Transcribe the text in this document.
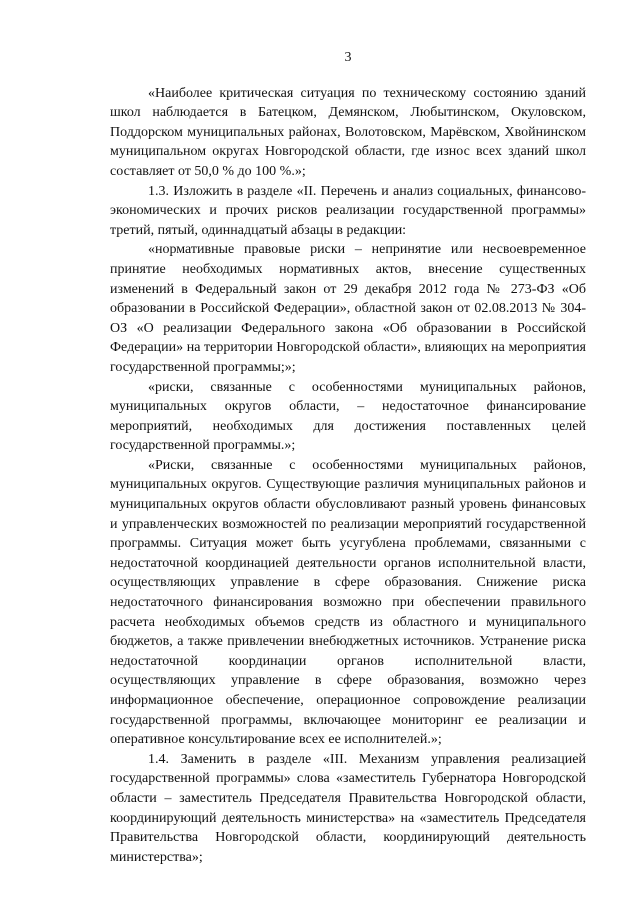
3

«Наиболее критическая ситуация по техническому состоянию зданий школ наблюдается в Батецком, Демянском, Любытинском, Окуловском, Поддорском муниципальных районах, Волотовском, Марёвском, Хвойнинском муниципальном округах Новгородской области, где износ всех зданий школ составляет от 50,0 % до 100 %.»;

1.3. Изложить в разделе «II. Перечень и анализ социальных, финансово-экономических и прочих рисков реализации государственной программы» третий, пятый, одиннадцатый абзацы в редакции:

«нормативные правовые риски – непринятие или несвоевременное принятие необходимых нормативных актов, внесение существенных изменений в Федеральный закон от 29 декабря 2012 года № 273-ФЗ «Об образовании в Российской Федерации», областной закон от 02.08.2013 № 304-ОЗ «О реализации Федерального закона «Об образовании в Российской Федерации» на территории Новгородской области», влияющих на мероприятия государственной программы;»;

«риски, связанные с особенностями муниципальных районов, муниципальных округов области, – недостаточное финансирование мероприятий, необходимых для достижения поставленных целей государственной программы.»;

«Риски, связанные с особенностями муниципальных районов, муниципальных округов. Существующие различия муниципальных районов и муниципальных округов области обусловливают разный уровень финансовых и управленческих возможностей по реализации мероприятий государственной программы. Ситуация может быть усугублена проблемами, связанными с недостаточной координацией деятельности органов исполнительной власти, осуществляющих управление в сфере образования. Снижение риска недостаточного финансирования возможно при обеспечении правильного расчета необходимых объемов средств из областного и муниципального бюджетов, а также привлечении внебюджетных источников. Устранение риска недостаточной координации органов исполнительной власти, осуществляющих управление в сфере образования, возможно через информационное обеспечение, операционное сопровождение реализации государственной программы, включающее мониторинг ее реализации и оперативное консультирование всех ее исполнителей.»;

1.4. Заменить в разделе «III. Механизм управления реализацией государственной программы» слова «заместитель Губернатора Новгородской области – заместитель Председателя Правительства Новгородской области, координирующий деятельность министерства» на «заместитель Председателя Правительства Новгородской области, координирующий деятельность министерства»;
